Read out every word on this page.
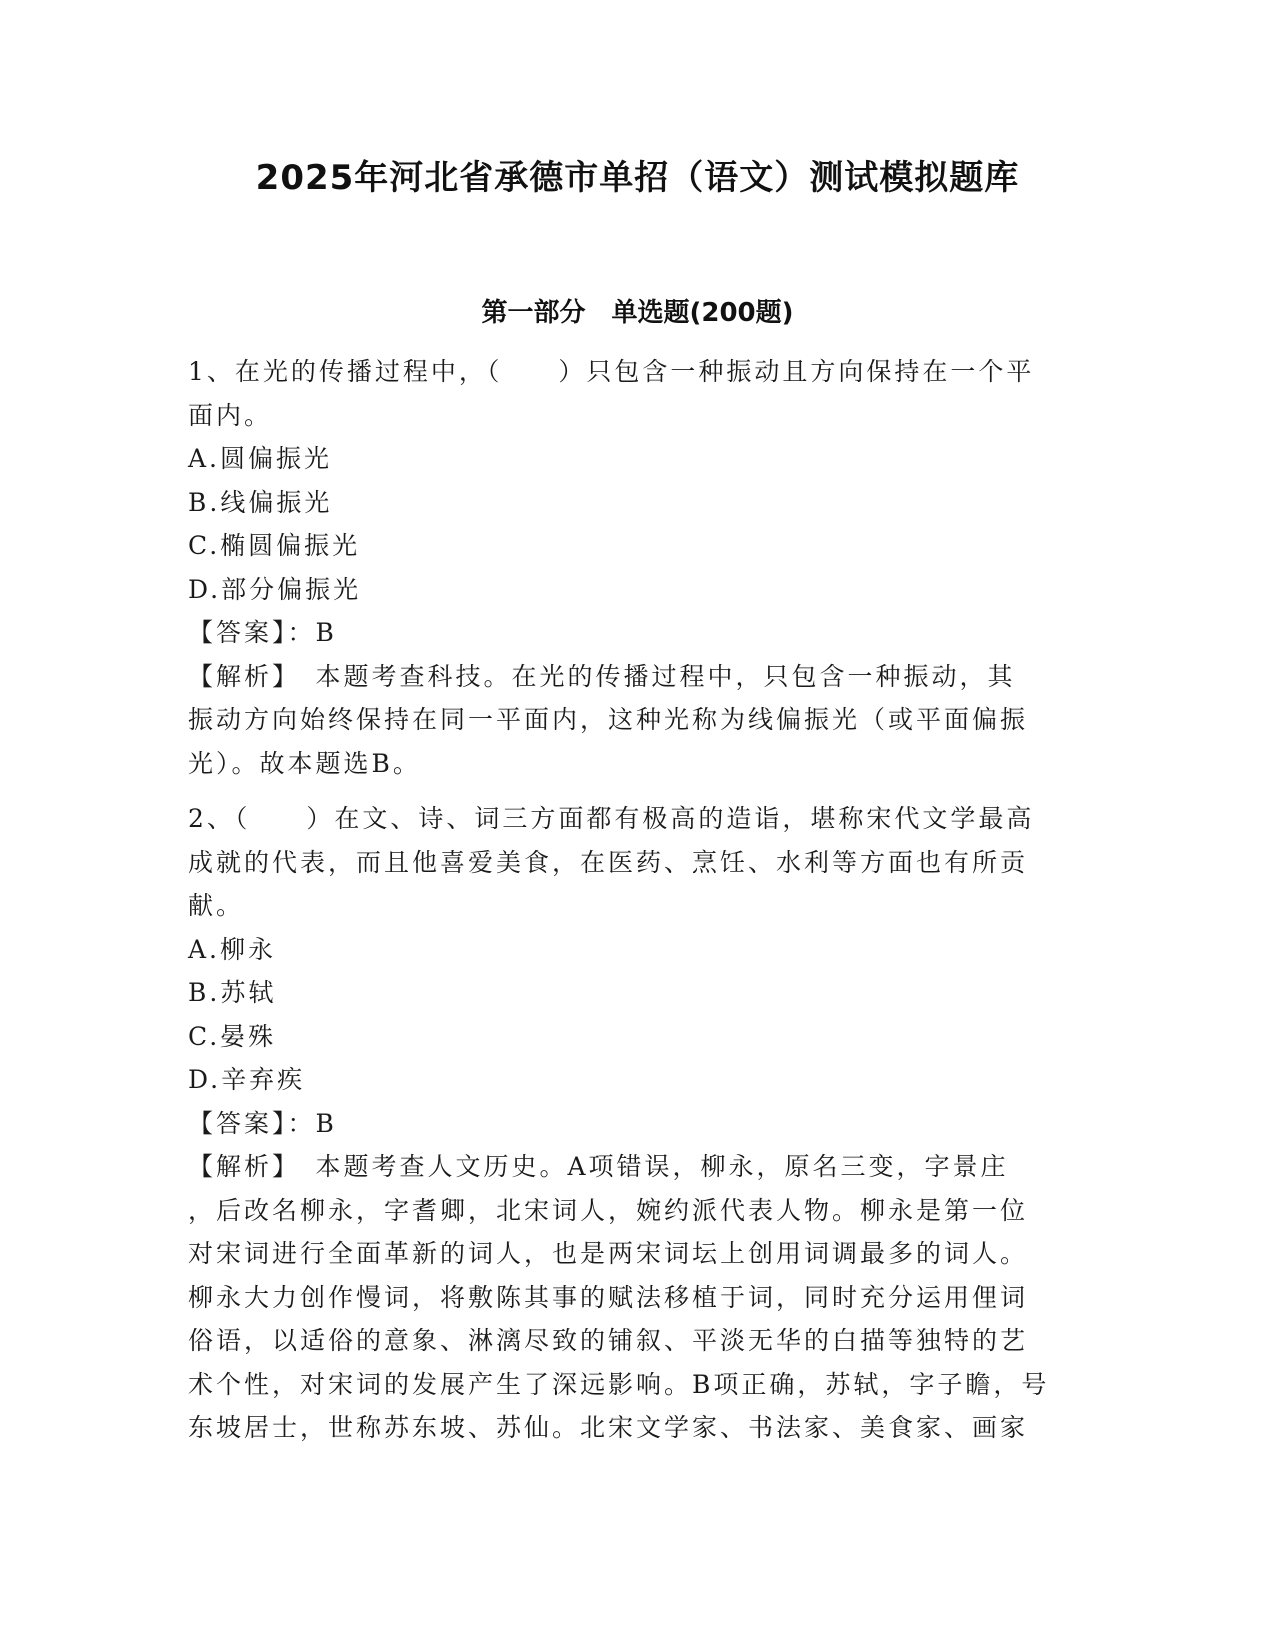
2025年河北省承德市单招（语文）测试模拟题库
第一部分　单选题(200题)
1、在光的传播过程中，（　　）只包含一种振动且方向保持在一个平
面内。
A.圆偏振光
B.线偏振光
C.椭圆偏振光
D.部分偏振光
【答案】：B
【解析】　本题考查科技。在光的传播过程中，只包含一种振动，其
振动方向始终保持在同一平面内，这种光称为线偏振光（或平面偏振
光）。故本题选B。
2、（　　）在文、诗、词三方面都有极高的造诣，堪称宋代文学最高
成就的代表，而且他喜爱美食，在医药、烹饪、水利等方面也有所贡
献。
A.柳永
B.苏轼
C.晏殊
D.辛弃疾
【答案】：B
【解析】　本题考查人文历史。A项错误，柳永，原名三变，字景庄
，后改名柳永，字耆卿，北宋词人，婉约派代表人物。柳永是第一位
对宋词进行全面革新的词人，也是两宋词坛上创用词调最多的词人。
柳永大力创作慢词，将敷陈其事的赋法移植于词，同时充分运用俚词
俗语，以适俗的意象、淋漓尽致的铺叙、平淡无华的白描等独特的艺
术个性，对宋词的发展产生了深远影响。B项正确，苏轼，字子瞻，号
东坡居士，世称苏东坡、苏仙。北宋文学家、书法家、美食家、画家
